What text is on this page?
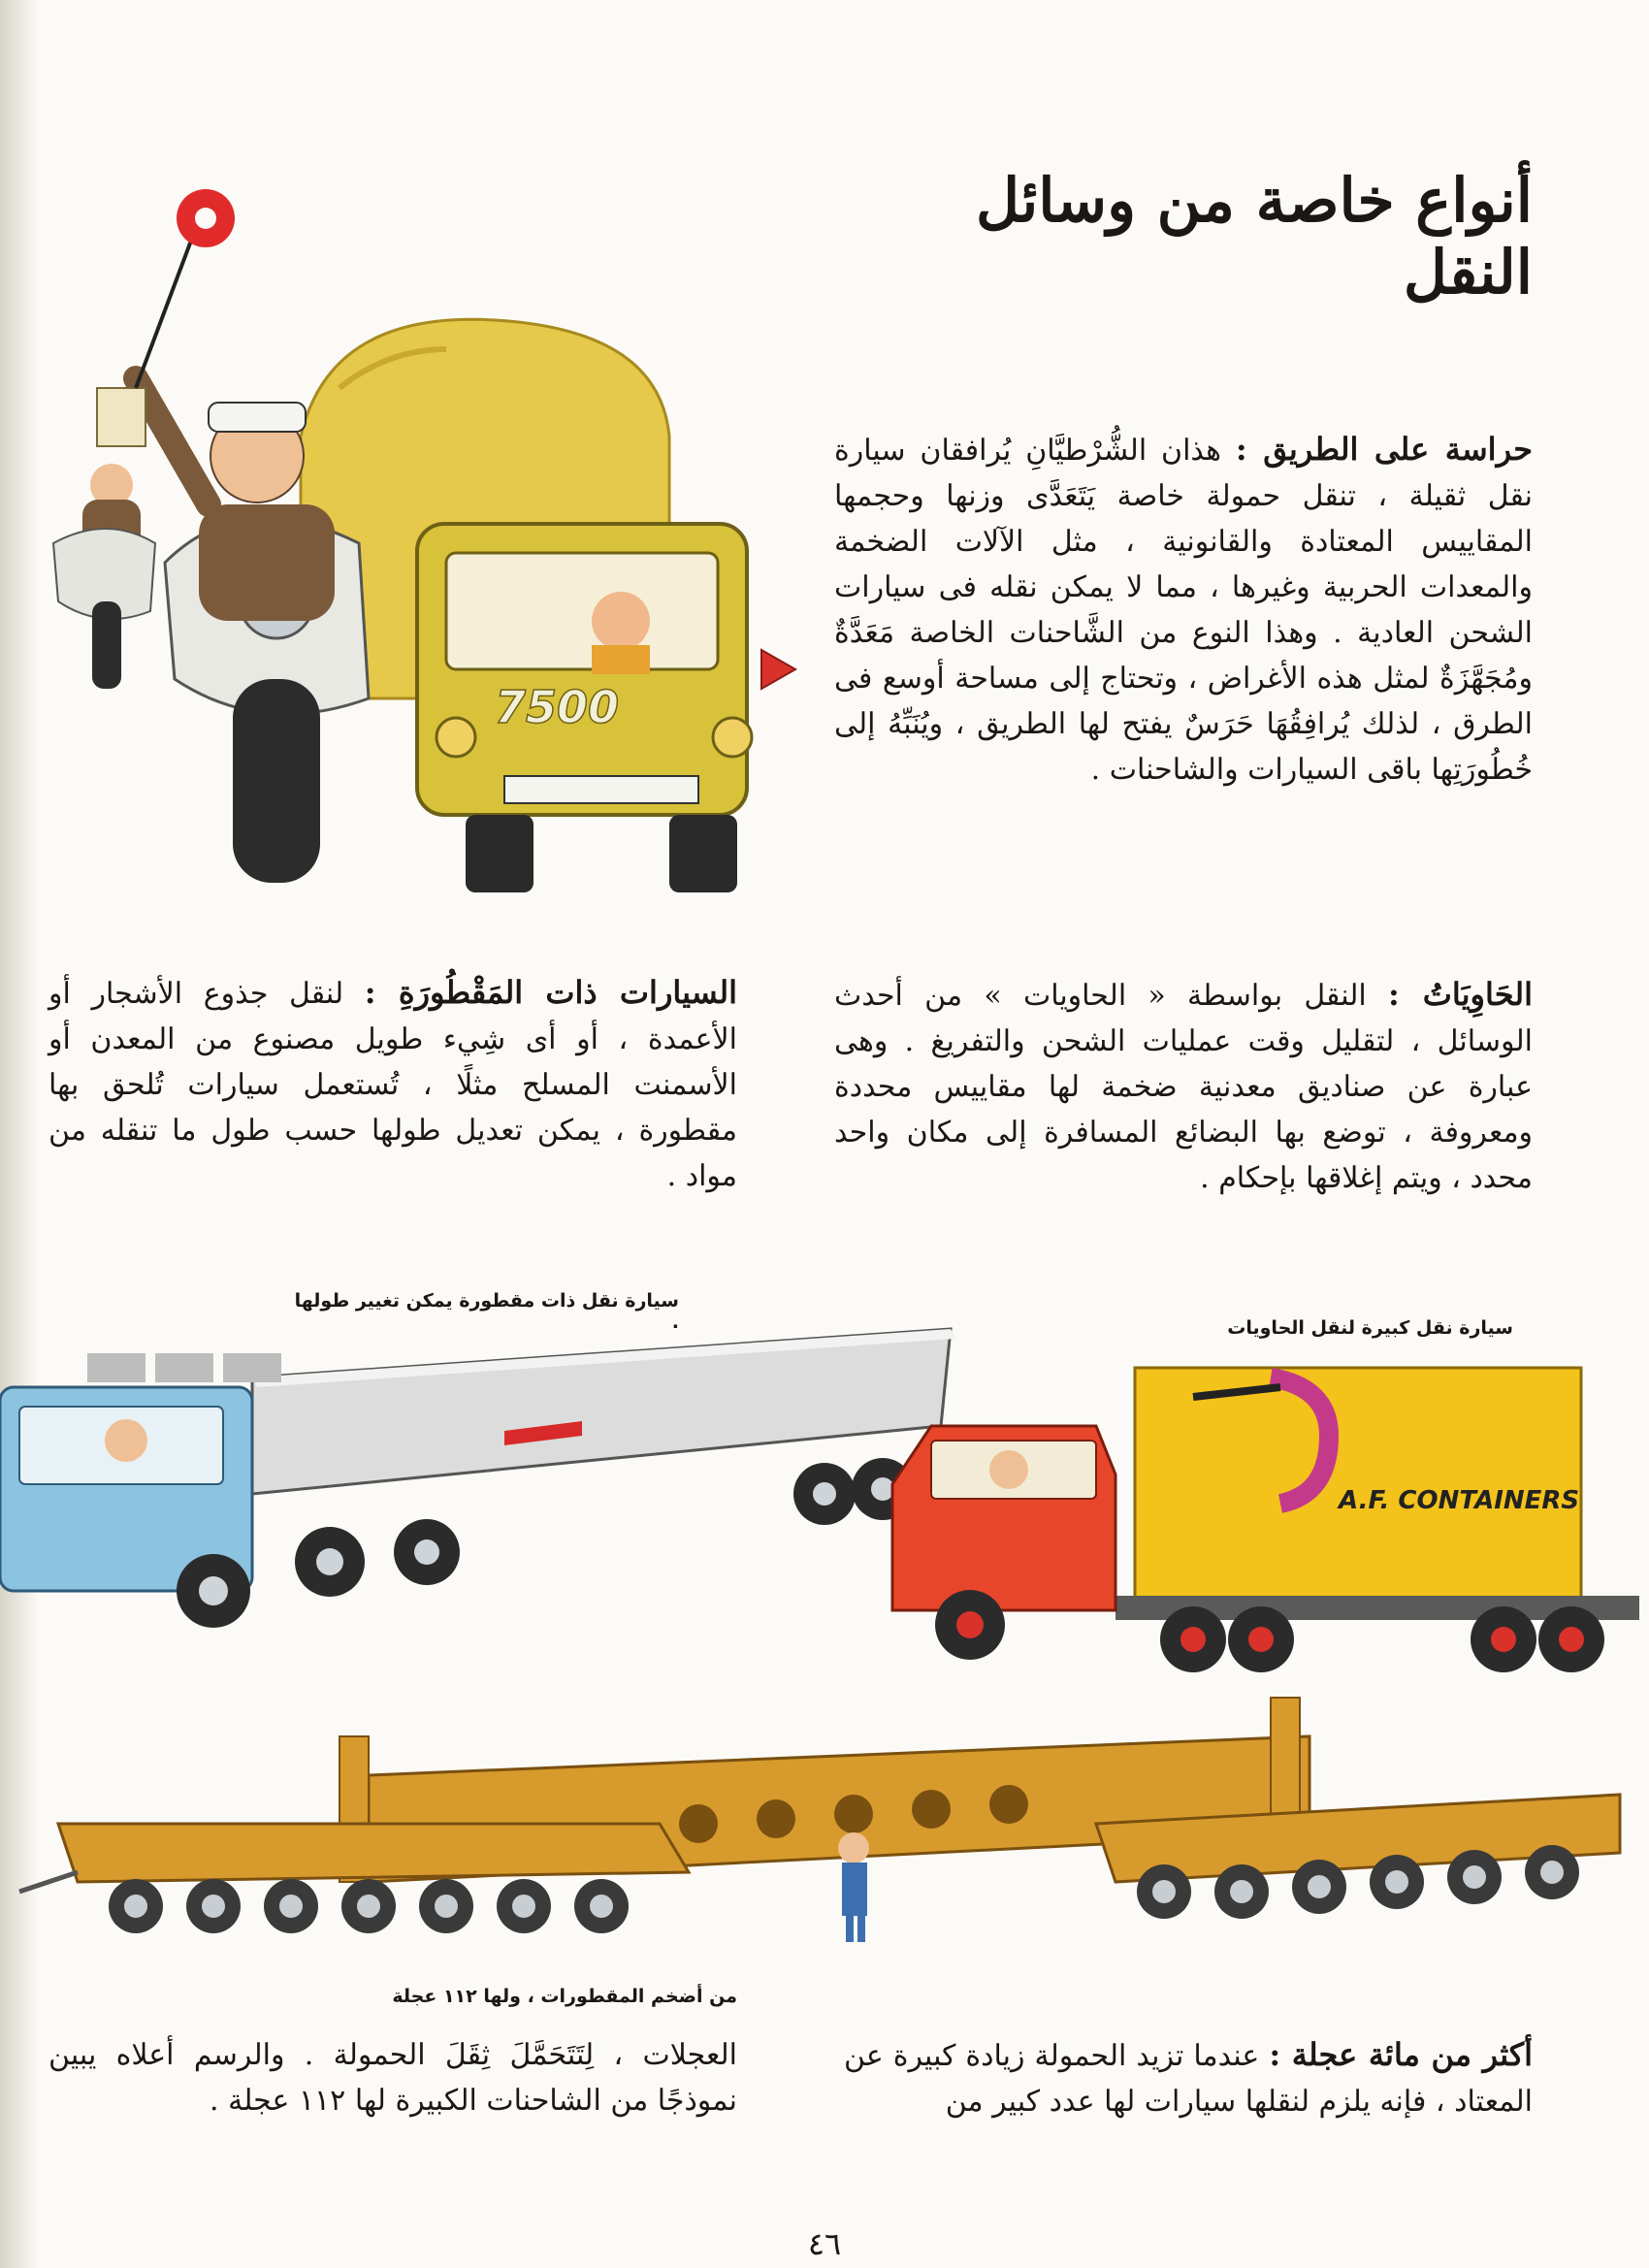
أنواع خاصة من وسائل النقل
7500

حراسة على الطريق : هذان الشُّرْطيَّانِ يُرافقان سيارة نقل ثقيلة ، تنقل حمولة خاصة يَتَعَدَّى وزنها وحجمها المقاييس المعتادة والقانونية ، مثل الآلات الضخمة والمعدات الحربية وغيرها ، مما لا يمكن نقله فى سيارات الشحن العادية . وهذا النوع من الشَّاحنات الخاصة مَعَدَّةٌ ومُجَهَّزَةٌ لمثل هذه الأغراض ، وتحتاج إلى مساحة أوسع فى الطرق ، لذلك يُرافِقُهَا حَرَسٌ يفتح لها الطريق ، ويُنَبِّهُ إلى خُطُورَتِها باقى السيارات والشاحنات .

الحَاوِيَاتُ : النقل بواسطة « الحاويات » من أحدث الوسائل ، لتقليل وقت عمليات الشحن والتفريغ . وهى عبارة عن صناديق معدنية ضخمة لها مقاييس محددة ومعروفة ، توضع بها البضائع المسافرة إلى مكان واحد محدد ، ويتم إغلاقها بإحكام .

السيارات ذات المَقْطُورَةِ : لنقل جذوع الأشجار أو الأعمدة ، أو أى شِيء طويل مصنوع من المعدن أو الأسمنت المسلح مثلًا ، تُستعمل سيارات تُلحق بها مقطورة ، يمكن تعديل طولها حسب طول ما تنقله من مواد .

سيارة نقل ذات مقطورة يمكن تغيير طولها .	سيارة نقل كبيرة لنقل الحاويات
A.F. CONTAINERS
من أضخم المقطورات ، ولها ١١٢ عجلة

أكثر من مائة عجلة : عندما تزيد الحمولة زيادة كبيرة عن المعتاد ، فإنه يلزم لنقلها سيارات لها عدد كبير من

العجلات ، لِتَتَحَمَّلَ ثِقَلَ الحمولة . والرسم أعلاه يبين نموذجًا من الشاحنات الكبيرة لها ١١٢ عجلة .

٤٦
